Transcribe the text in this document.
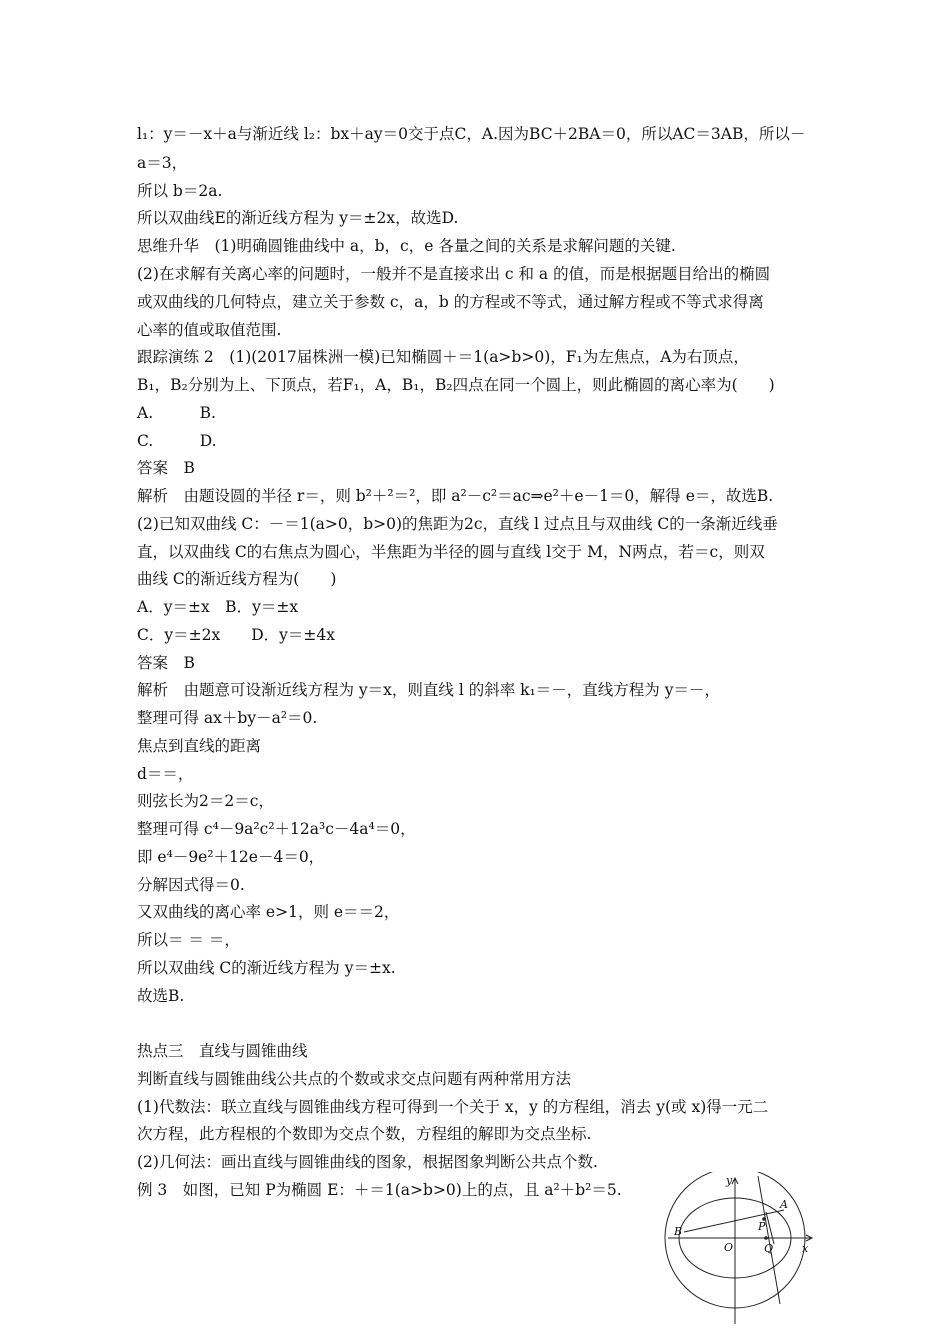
l₁：y＝－x＋a与渐近线 l₂：bx＋ay＝0交于点C，A.因为BC＋2BA＝0，所以AC＝3AB，所以－
a＝3，
所以 b＝2a.
所以双曲线E的渐近线方程为 y＝±2x，故选D.
思维升华　(1)明确圆锥曲线中 a，b，c，e 各量之间的关系是求解问题的关键.
(2)在求解有关离心率的问题时，一般并不是直接求出 c 和 a 的值，而是根据题目给出的椭圆
或双曲线的几何特点，建立关于参数 c，a，b 的方程或不等式，通过解方程或不等式求得离
心率的值或取值范围.
跟踪演练 2　(1)(2017届株洲一模)已知椭圆＋＝1(a>b>0)，F₁为左焦点，A为右顶点，
B₁，B₂分别为上、下顶点，若F₁，A，B₁，B₂四点在同一个圆上，则此椭圆的离心率为(　　)
A.　　　B.
C.　　　D.
答案　B
解析　由题设圆的半径 r＝，则 b²＋²＝²，即 a²－c²＝ac⇒e²＋e－1＝0，解得 e＝，故选B.
(2)已知双曲线 C：－＝1(a>0，b>0)的焦距为2c，直线 l 过点且与双曲线 C的一条渐近线垂
直，以双曲线 C的右焦点为圆心，半焦距为半径的圆与直线 l交于 M，N两点，若＝c，则双
曲线 C的渐近线方程为(　　)
A．y＝±x　B．y＝±x
C．y＝±2x　　D．y＝±4x
答案　B
解析　由题意可设渐近线方程为 y＝x，则直线 l 的斜率 k₁＝－，直线方程为 y＝－，
整理可得 ax＋by－a²＝0.
焦点到直线的距离
d＝＝，
则弦长为2＝2＝c，
整理可得 c⁴－9a²c²＋12a³c－4a⁴＝0，
即 e⁴－9e²＋12e－4＝0，
分解因式得＝0.
又双曲线的离心率 e>1，则 e＝＝2，
所以＝ ＝ ＝，
所以双曲线 C的渐近线方程为 y＝±x.
故选B.
热点三　直线与圆锥曲线
判断直线与圆锥曲线公共点的个数或求交点问题有两种常用方法
(1)代数法：联立直线与圆锥曲线方程可得到一个关于 x，y 的方程组，消去 y(或 x)得一元二
次方程，此方程根的个数即为交点个数，方程组的解即为交点坐标.
(2)几何法：画出直线与圆锥曲线的图象，根据图象判断公共点个数.
例 3　如图，已知 P为椭圆 E：＋＝1(a>b>0)上的点，且 a²＋b²＝5.
y
x
A
P
B
O	Q
